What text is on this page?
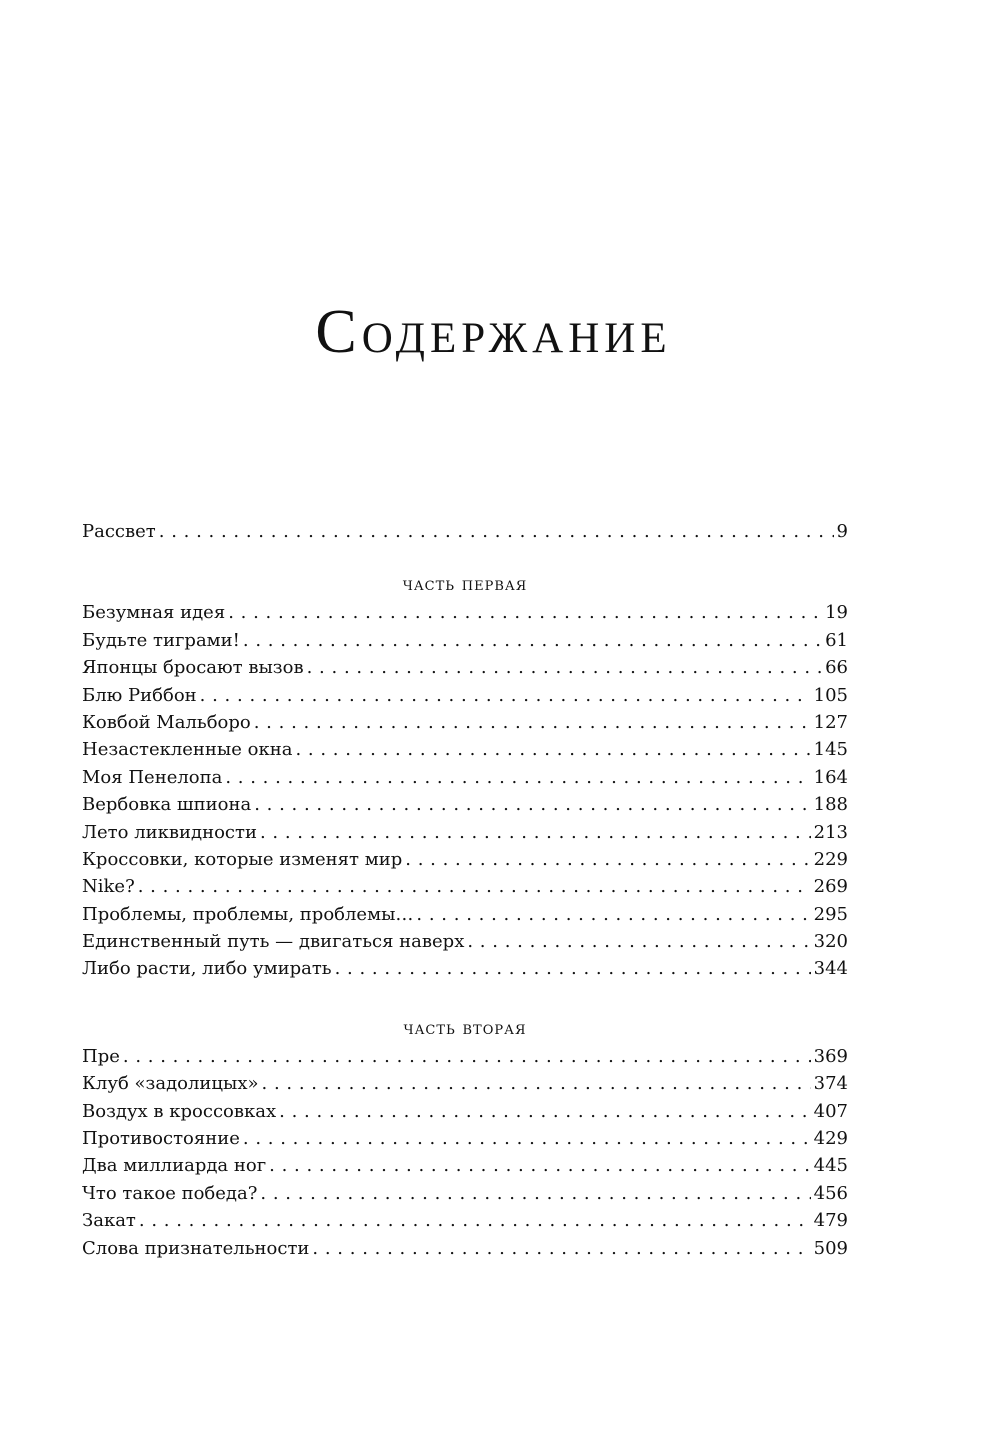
Содержание
Рассвет . . .	9
часть первая
Безумная идея . . .	19
Будьте тиграми! . . .	61
Японцы бросают вызов . . .	66
Блю Риббон . . .	105
Ковбой Мальборо . . .	127
Незастекленные окна . . .	145
Моя Пенелопа . . .	164
Вербовка шпиона . . .	188
Лето ликвидности . . .	213
Кроссовки, которые изменят мир . . .	229
Nike? . . .	269
Проблемы, проблемы, проблемы… . . .	295
Единственный путь — двигаться наверх . . .	320
Либо расти, либо умирать . . .	344
часть вторая
Пре . . .	369
Клуб «задолицых» . . .	374
Воздух в кроссовках . . .	407
Противостояние . . .	429
Два миллиарда ног . . .	445
Что такое победа? . . .	456
Закат . . .	479
Слова признательности . . .	509
